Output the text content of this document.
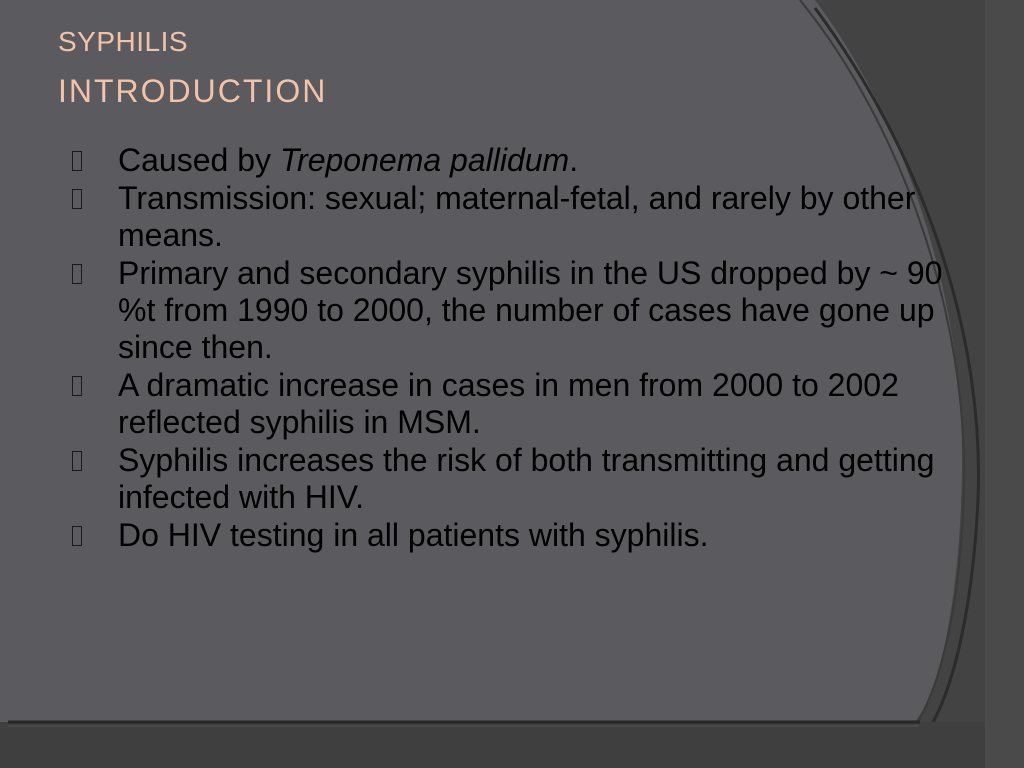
SYPHILIS
INTRODUCTION
Caused by Treponema pallidum.
Transmission: sexual; maternal-fetal, and rarely by other means.
Primary and secondary syphilis in the US dropped by ~ 90 %t from 1990 to 2000, the number of cases have gone up since then.
A dramatic increase in cases in men from 2000 to 2002 reflected syphilis in MSM.
Syphilis increases the risk of both transmitting and getting infected with HIV.
Do HIV testing in all patients with syphilis.
